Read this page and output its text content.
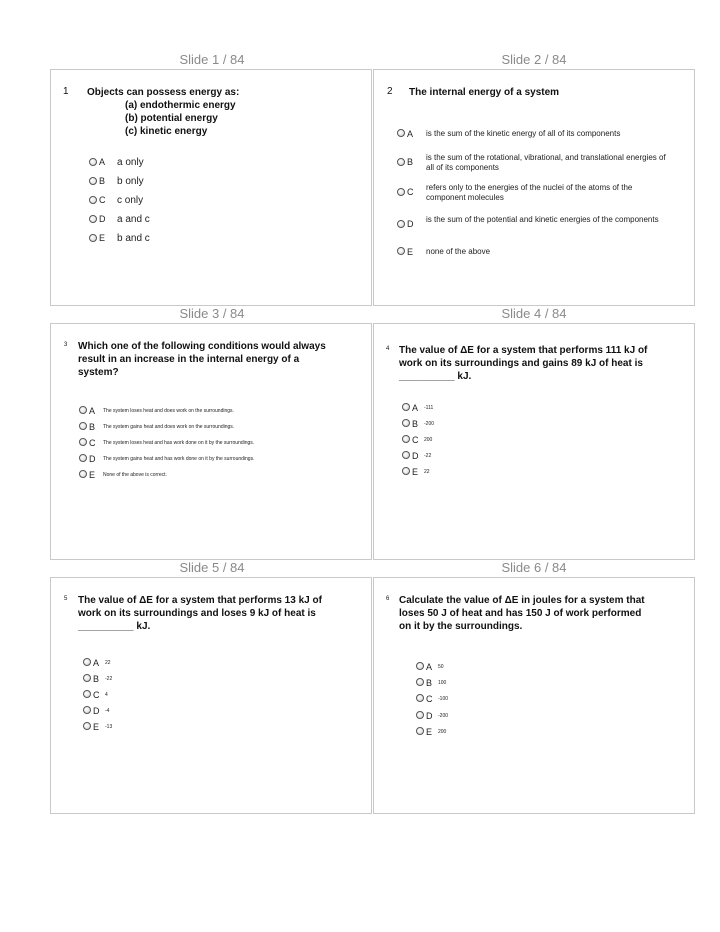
Slide 1 / 84
1 Objects can possess energy as:
(a) endothermic energy
(b) potential energy
(c) kinetic energy
A	a only
B	b only
C	c only
D	a and c
E	b and c
Slide 2 / 84
2 The internal energy of a system
A	is the sum of the kinetic energy of all of its components
B	is the sum of the rotational, vibrational, and translational energies of all of its components
C	refers only to the energies of the nuclei of the atoms of the component molecules
D	is the sum of the potential and kinetic energies of the components
E	none of the above
Slide 3 / 84
3 Which one of the following conditions would always
result in an increase in the internal energy of a
system?
A	The system loses heat and does work on the surroundings.
B	The system gains heat and does work on the surroundings.
C	The system loses heat and has work done on it by the surroundings.
D	The system gains heat and has work done on it by the surroundings.
E	None of the above is correct.
Slide 4 / 84
4 The value of ΔE for a system that performs 111 kJ of
work on its surroundings and gains 89 kJ of heat is
__________ kJ.
A	-111
B	-200
C	200
D	-22
E	22
Slide 5 / 84
5 The value of ΔE for a system that performs 13 kJ of
work on its surroundings and loses 9 kJ of heat is
__________ kJ.
A	22
B	-22
C	4
D	-4
E	-13
Slide 6 / 84
6 Calculate the value of ΔE in joules for a system that
loses 50 J of heat and has 150 J of work performed
on it by the surroundings.
A	50
B	100
C	-100
D	-200
E	200
